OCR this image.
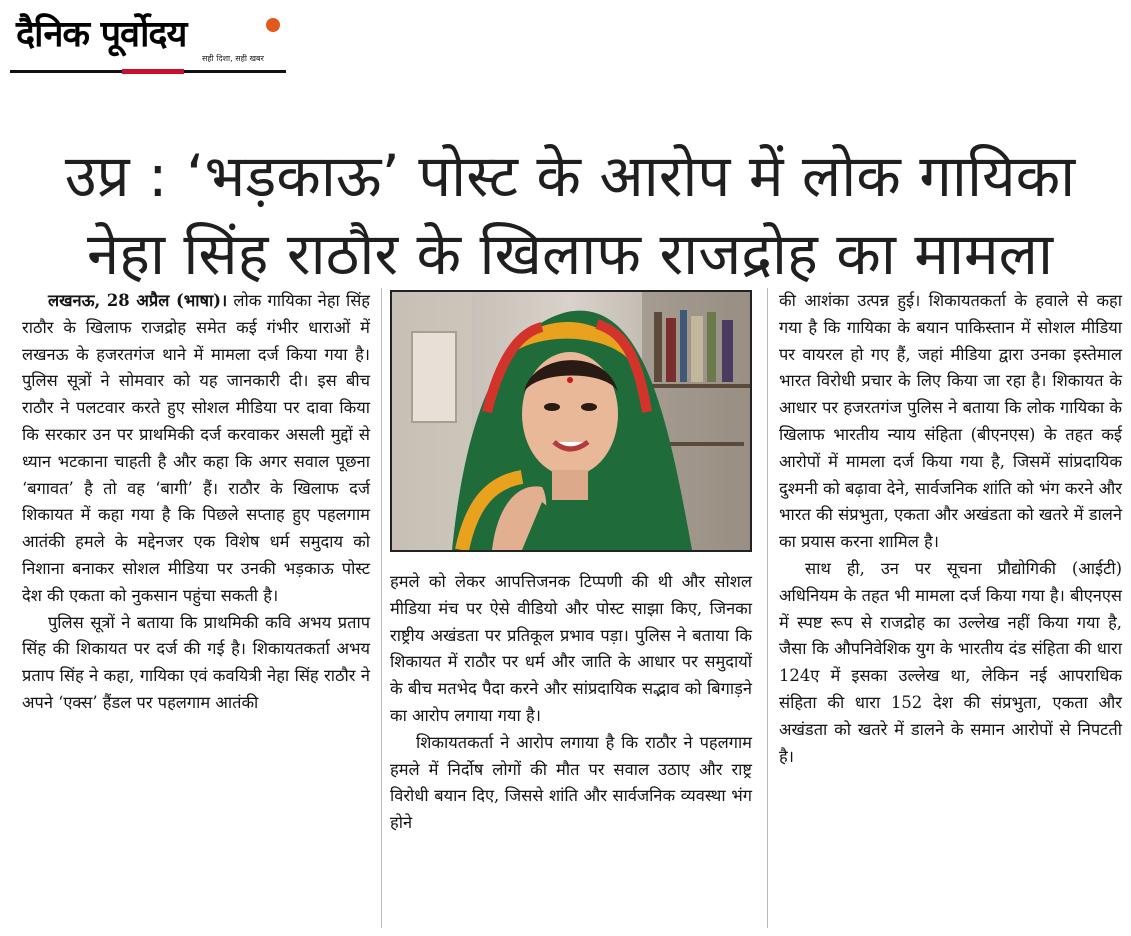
दैनिक पूर्वोदय
सही दिशा, सही खबर
उप्र : ‘भड़काऊ’ पोस्ट के आरोप में लोक गायिका
नेहा सिंह राठौर के खिलाफ राजद्रोह का मामला

लखनऊ, 28 अप्रैल (भाषा)। लोक गायिका नेहा सिंह राठौर के खिलाफ राजद्रोह समेत कई गंभीर धाराओं में लखनऊ के हजरतगंज थाने में मामला दर्ज किया गया है। पुलिस सूत्रों ने सोमवार को यह जानकारी दी। इस बीच राठौर ने पलटवार करते हुए सोशल मीडिया पर दावा किया कि सरकार उन पर प्राथमिकी दर्ज करवाकर असली मुद्दों से ध्यान भटकाना चाहती है और कहा कि अगर सवाल पूछना ‘बगावत’ है तो वह ‘बागी’ हैं। राठौर के खिलाफ दर्ज शिकायत में कहा गया है कि पिछले सप्ताह हुए पहलगाम आतंकी हमले के मद्देनजर एक विशेष धर्म समुदाय को निशाना बनाकर सोशल मीडिया पर उनकी भड़काऊ पोस्ट देश की एकता को नुकसान पहुंचा सकती है।

पुलिस सूत्रों ने बताया कि प्राथमिकी कवि अभय प्रताप सिंह की शिकायत पर दर्ज की गई है। शिकायतकर्ता अभय प्रताप सिंह ने कहा, गायिका एवं कवयित्री नेहा सिंह राठौर ने अपने ‘एक्स’ हैंडल पर पहलगाम आतंकी

हमले को लेकर आपत्तिजनक टिप्पणी की थी और सोशल मीडिया मंच पर ऐसे वीडियो और पोस्ट साझा किए, जिनका राष्ट्रीय अखंडता पर प्रतिकूल प्रभाव पड़ा। पुलिस ने बताया कि शिकायत में राठौर पर धर्म और जाति के आधार पर समुदायों के बीच मतभेद पैदा करने और सांप्रदायिक सद्भाव को बिगाड़ने का आरोप लगाया गया है।

शिकायतकर्ता ने आरोप लगाया है कि राठौर ने पहलगाम हमले में निर्दोष लोगों की मौत पर सवाल उठाए और राष्ट्र विरोधी बयान दिए, जिससे शांति और सार्वजनिक व्यवस्था भंग होने

की आशंका उत्पन्न हुई। शिकायतकर्ता के हवाले से कहा गया है कि गायिका के बयान पाकिस्तान में सोशल मीडिया पर वायरल हो गए हैं, जहां मीडिया द्वारा उनका इस्तेमाल भारत विरोधी प्रचार के लिए किया जा रहा है। शिकायत के आधार पर हजरतगंज पुलिस ने बताया कि लोक गायिका के खिलाफ भारतीय न्याय संहिता (बीएनएस) के तहत कई आरोपों में मामला दर्ज किया गया है, जिसमें सांप्रदायिक दुश्मनी को बढ़ावा देने, सार्वजनिक शांति को भंग करने और भारत की संप्रभुता, एकता और अखंडता को खतरे में डालने का प्रयास करना शामिल है।

साथ ही, उन पर सूचना प्रौद्योगिकी (आईटी) अधिनियम के तहत भी मामला दर्ज किया गया है। बीएनएस में स्पष्ट रूप से राजद्रोह का उल्लेख नहीं किया गया है, जैसा कि औपनिवेशिक युग के भारतीय दंड संहिता की धारा 124ए में इसका उल्लेख था, लेकिन नई आपराधिक संहिता की धारा 152 देश की संप्रभुता, एकता और अखंडता को खतरे में डालने के समान आरोपों से निपटती है।
